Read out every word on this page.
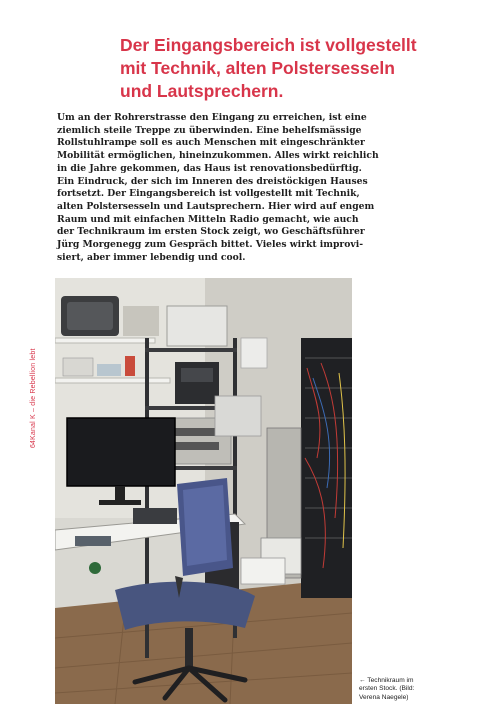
Der Eingangsbereich ist vollgestellt
mit Technik, alten Polstersesseln
und Lautsprechern.
Um an der Rohrerstrasse den Eingang zu erreichen, ist eine
ziemlich steile Treppe zu überwinden. Eine behelfsmässige
Rollstuhlrampe soll es auch Menschen mit eingeschränkter
Mobilität ermöglichen, hineinzukommen. Alles wirkt reichlich
in die Jahre gekommen, das Haus ist renovationsbedürftig.
Ein Eindruck, der sich im Inneren des dreistöckigen Hauses
fortsetzt. Der Eingangsbereich ist vollgestellt mit Technik,
alten Polstersesseln und Lautsprechern. Hier wird auf engem
Raum und mit einfachen Mitteln Radio gemacht, wie auch
der Technikraum im ersten Stock zeigt, wo Geschäftsführer
Jürg Morgenegg zum Gespräch bittet. Vieles wirkt improvi-
siert, aber immer lebendig und cool.
Kanal K – die Rebellion lebt
64
← Technikraum im
ersten Stock. (Bild:
Verena Naegele)
